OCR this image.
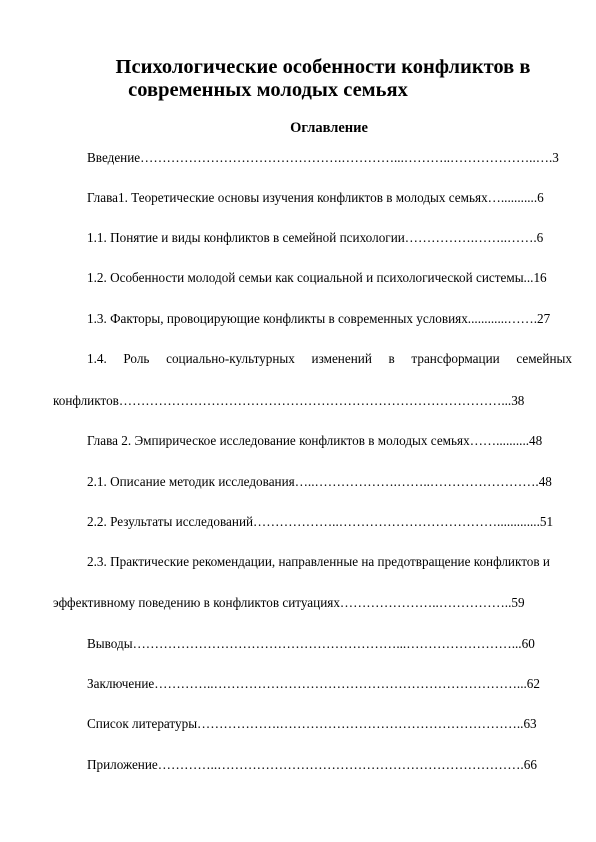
Психологические особенности конфликтов в
современных молодых семьях
Оглавление
Введение……………………………………….…………...………..………………..….3
Глава1. Теоретические основы изучения конфликтов в молодых семьях…...........6
1.1. Понятие и виды конфликтов в семейной психологии…………….……..…….6
1.2. Особенности молодой семьи как социальной и психологической системы...16
1.3. Факторы, провоцирующие конфликты в современных условиях............…….27
1.4. Роль социально-культурных изменений в трансформации семейных
конфликтов……………………………………………………………………………...38
Глава 2. Эмпирическое исследование конфликтов в молодых семьях……..........48
2.1. Описание методик исследования…..……………….……..…………………….48
2.2. Результаты исследований………………..……………………………….............51
2.3. Практические рекомендации, направленные на предотвращение конфликтов и
эффективному поведению в конфликтов ситуациях…………………..……………..59
Выводы……………………………………………………...……………………...60
Заключение…………..……………………………………………………………...62
Список литературы……………….………………………………………………..63
Приложение…………..…………………………………………………………….66
